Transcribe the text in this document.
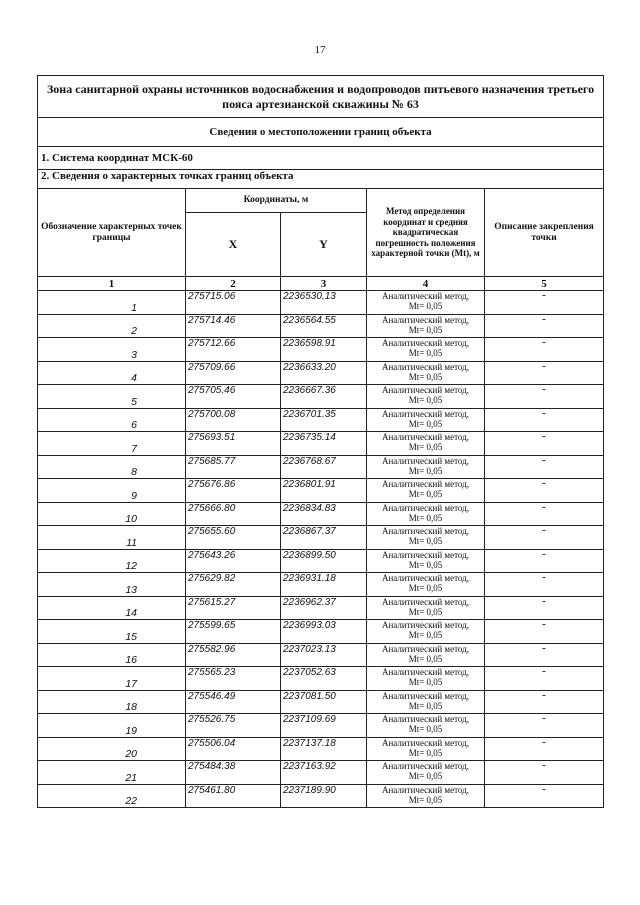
17
Зона санитарной охраны источников водоснабжения и водопроводов питьевого назначения третьего пояса артезианской скважины № 63				
Сведения о местоположении границ объекта				
1. Система координат МСК-60				
2. Сведения о характерных точках границ объекта				
Обозначение характерных точек границы	Координаты, м		Метод определения координат и средняя квадратическая погрешность положения характерной точки (Mt), м	Описание закрепления точки
	X	Y		
1	2	3	4	5
1	275715.06	2236530.13	Аналитический метод,
Mt= 0,05	-
2	275714.46	2236564.55	Аналитический метод,
Mt= 0,05	-
3	275712.66	2236598.91	Аналитический метод,
Mt= 0,05	-
4	275709.66	2236633.20	Аналитический метод,
Mt= 0,05	-
5	275705.46	2236667.36	Аналитический метод,
Mt= 0,05	-
6	275700.08	2236701.35	Аналитический метод,
Mt= 0,05	-
7	275693.51	2236735.14	Аналитический метод,
Mt= 0,05	-
8	275685.77	2236768.67	Аналитический метод,
Mt= 0,05	-
9	275676.86	2236801.91	Аналитический метод,
Mt= 0,05	-
10	275666.80	2236834.83	Аналитический метод,
Mt= 0,05	-
11	275655.60	2236867.37	Аналитический метод,
Mt= 0,05	-
12	275643.26	2236899.50	Аналитический метод,
Mt= 0,05	-
13	275629.82	2236931.18	Аналитический метод,
Mt= 0,05	-
14	275615.27	2236962.37	Аналитический метод,
Mt= 0,05	-
15	275599.65	2236993.03	Аналитический метод,
Mt= 0,05	-
16	275582.96	2237023.13	Аналитический метод,
Mt= 0,05	-
17	275565.23	2237052.63	Аналитический метод,
Mt= 0,05	-
18	275546.49	2237081.50	Аналитический метод,
Mt= 0,05	-
19	275526.75	2237109.69	Аналитический метод,
Mt= 0,05	-
20	275506.04	2237137.18	Аналитический метод,
Mt= 0,05	-
21	275484.38	2237163.92	Аналитический метод,
Mt= 0,05	-
22	275461.80	2237189.90	Аналитический метод,
Mt= 0,05	-
